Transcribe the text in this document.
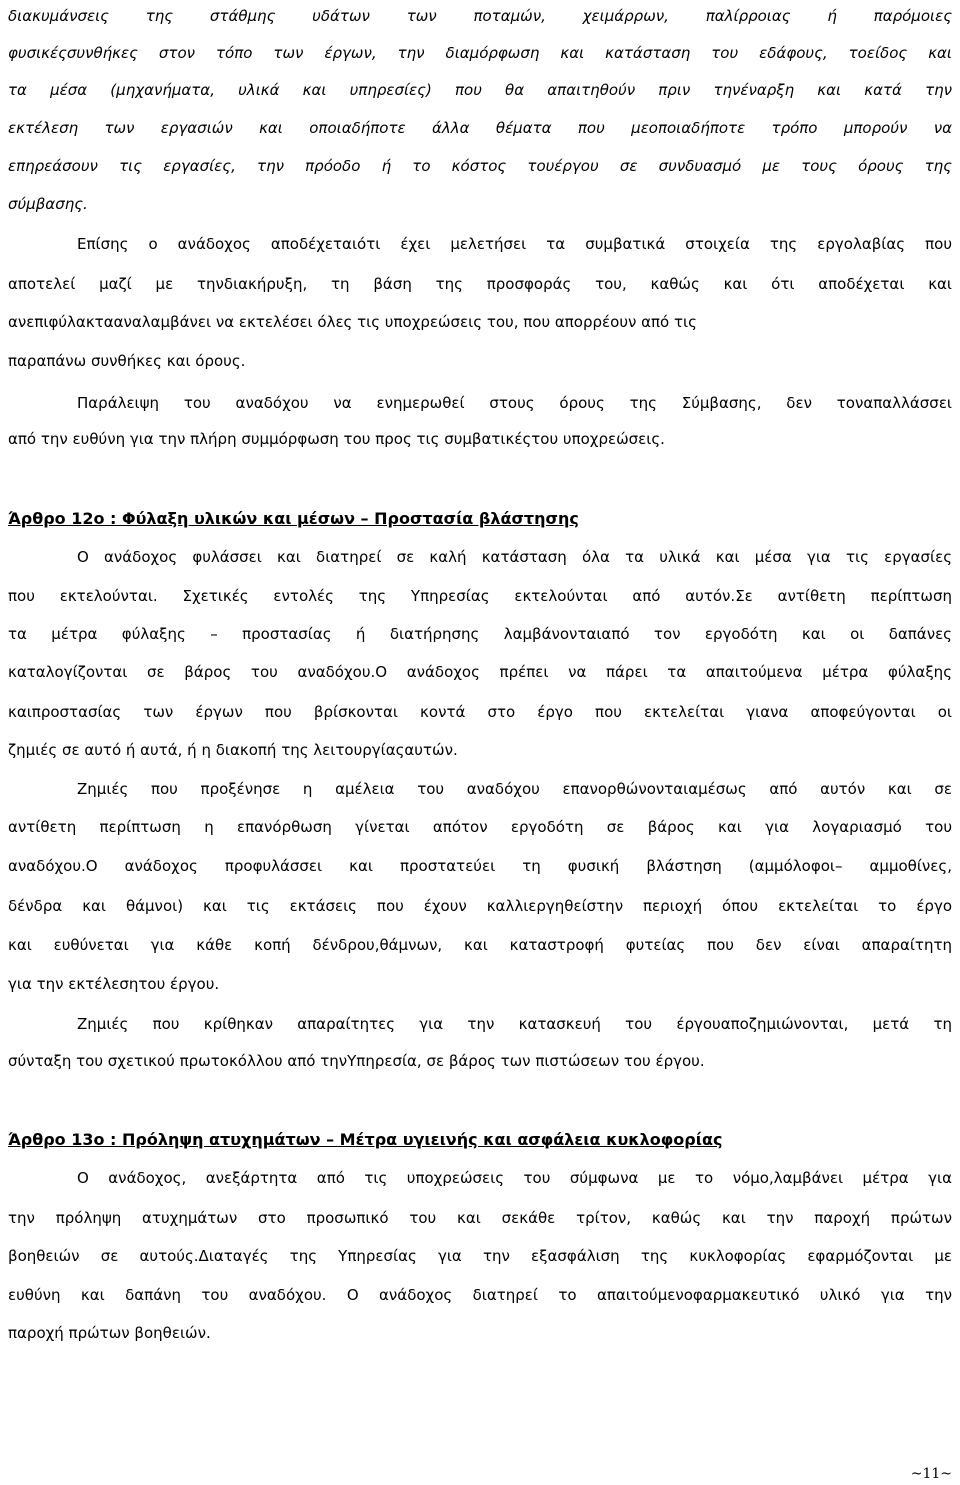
διακυμάνσεις της στάθμης υδάτων των ποταμών, χειμάρρων, παλίρροιας ή παρόμοιες
φυσικέςσυνθήκες στον τόπο των έργων, την διαμόρφωση και κατάσταση του εδάφους, τοείδος και
τα μέσα (μηχανήματα, υλικά και υπηρεσίες) που θα απαιτηθούν πριν τηνέναρξη και κατά την
εκτέλεση των εργασιών και οποιαδήποτε άλλα θέματα που μεοποιαδήποτε τρόπο μπορούν να
επηρεάσουν τις εργασίες, την πρόοδο ή το κόστος τουέργου σε συνδυασμό με τους όρους της
σύμβασης.
Επίσης ο ανάδοχος αποδέχεταιότι έχει μελετήσει τα συμβατικά στοιχεία της εργολαβίας που
αποτελεί μαζί με τηνδιακήρυξη, τη βάση της προσφοράς του, καθώς και ότι αποδέχεται και
ανεπιφύλακτααναλαμβάνει να εκτελέσει όλες τις υποχρεώσεις του, που απορρέουν από τις
παραπάνω συνθήκες και όρους.
Παράλειψη του αναδόχου να ενημερωθεί στους όρους της Σύμβασης, δεν τοναπαλλάσσει
από την ευθύνη για την πλήρη συμμόρφωση του προς τις συμβατικέςτου υποχρεώσεις.
Άρθρο 12ο : Φύλαξη υλικών και μέσων – Προστασία βλάστησης
Ο ανάδοχος φυλάσσει και διατηρεί σε καλή κατάσταση όλα τα υλικά και μέσα για τις εργασίες
που εκτελούνται. Σχετικές εντολές της Υπηρεσίας εκτελούνται από αυτόν.Σε αντίθετη περίπτωση
τα μέτρα φύλαξης – προστασίας ή διατήρησης λαμβάνονταιαπό τον εργοδότη και οι δαπάνες
καταλογίζονται σε βάρος του αναδόχου.Ο ανάδοχος πρέπει να πάρει τα απαιτούμενα μέτρα φύλαξης
καιπροστασίας των έργων που βρίσκονται κοντά στο έργο που εκτελείται γιανα αποφεύγονται οι
ζημιές σε αυτό ή αυτά, ή η διακοπή της λειτουργίαςαυτών.
Ζημιές που προξένησε η αμέλεια του αναδόχου επανορθώνονταιαμέσως από αυτόν και σε
αντίθετη περίπτωση η επανόρθωση γίνεται απότον εργοδότη σε βάρος και για λογαριασμό του
αναδόχου.Ο ανάδοχος προφυλάσσει και προστατεύει τη φυσική βλάστηση (αμμόλοφοι– αμμοθίνες,
δένδρα και θάμνοι) και τις εκτάσεις που έχουν καλλιεργηθείστην περιοχή όπου εκτελείται το έργο
και ευθύνεται για κάθε κοπή δένδρου,θάμνων, και καταστροφή φυτείας που δεν είναι απαραίτητη
για την εκτέλεσητου έργου.
Ζημιές που κρίθηκαν απαραίτητες για την κατασκευή του έργουαποζημιώνονται, μετά τη
σύνταξη του σχετικού πρωτοκόλλου από τηνΥπηρεσία, σε βάρος των πιστώσεων του έργου.
Άρθρο 13ο : Πρόληψη ατυχημάτων – Μέτρα υγιεινής και ασφάλεια κυκλοφορίας
Ο ανάδοχος, ανεξάρτητα από τις υποχρεώσεις του σύμφωνα με το νόμο,λαμβάνει μέτρα για
την πρόληψη ατυχημάτων στο προσωπικό του και σεκάθε τρίτον, καθώς και την παροχή πρώτων
βοηθειών σε αυτούς.Διαταγές της Υπηρεσίας για την εξασφάλιση της κυκλοφορίας εφαρμόζονται με
ευθύνη και δαπάνη του αναδόχου. Ο ανάδοχος διατηρεί το απαιτούμενοφαρμακευτικό υλικό για την
παροχή πρώτων βοηθειών.
~11~
